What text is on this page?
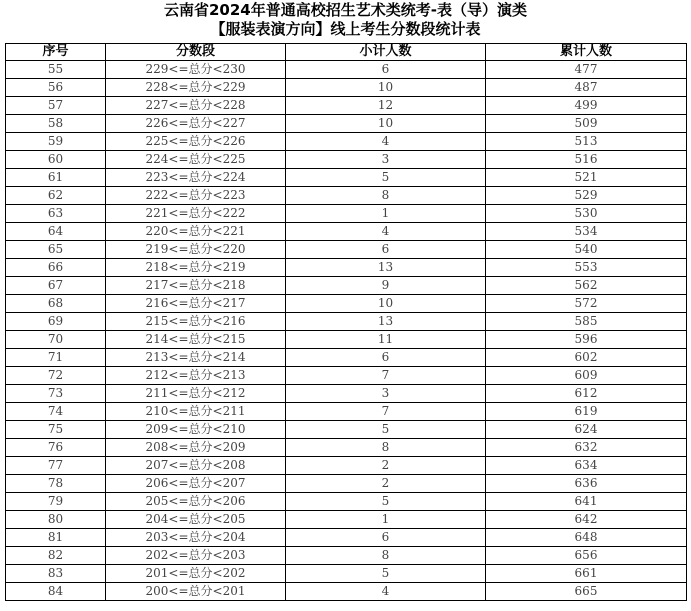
云南省2024年普通高校招生艺术类统考-表（导）演类
【服装表演方向】线上考生分数段统计表
序号	分数段	小计人数	累计人数
55	229<=总分<230	6	477
56	228<=总分<229	10	487
57	227<=总分<228	12	499
58	226<=总分<227	10	509
59	225<=总分<226	4	513
60	224<=总分<225	3	516
61	223<=总分<224	5	521
62	222<=总分<223	8	529
63	221<=总分<222	1	530
64	220<=总分<221	4	534
65	219<=总分<220	6	540
66	218<=总分<219	13	553
67	217<=总分<218	9	562
68	216<=总分<217	10	572
69	215<=总分<216	13	585
70	214<=总分<215	11	596
71	213<=总分<214	6	602
72	212<=总分<213	7	609
73	211<=总分<212	3	612
74	210<=总分<211	7	619
75	209<=总分<210	5	624
76	208<=总分<209	8	632
77	207<=总分<208	2	634
78	206<=总分<207	2	636
79	205<=总分<206	5	641
80	204<=总分<205	1	642
81	203<=总分<204	6	648
82	202<=总分<203	8	656
83	201<=总分<202	5	661
84	200<=总分<201	4	665
